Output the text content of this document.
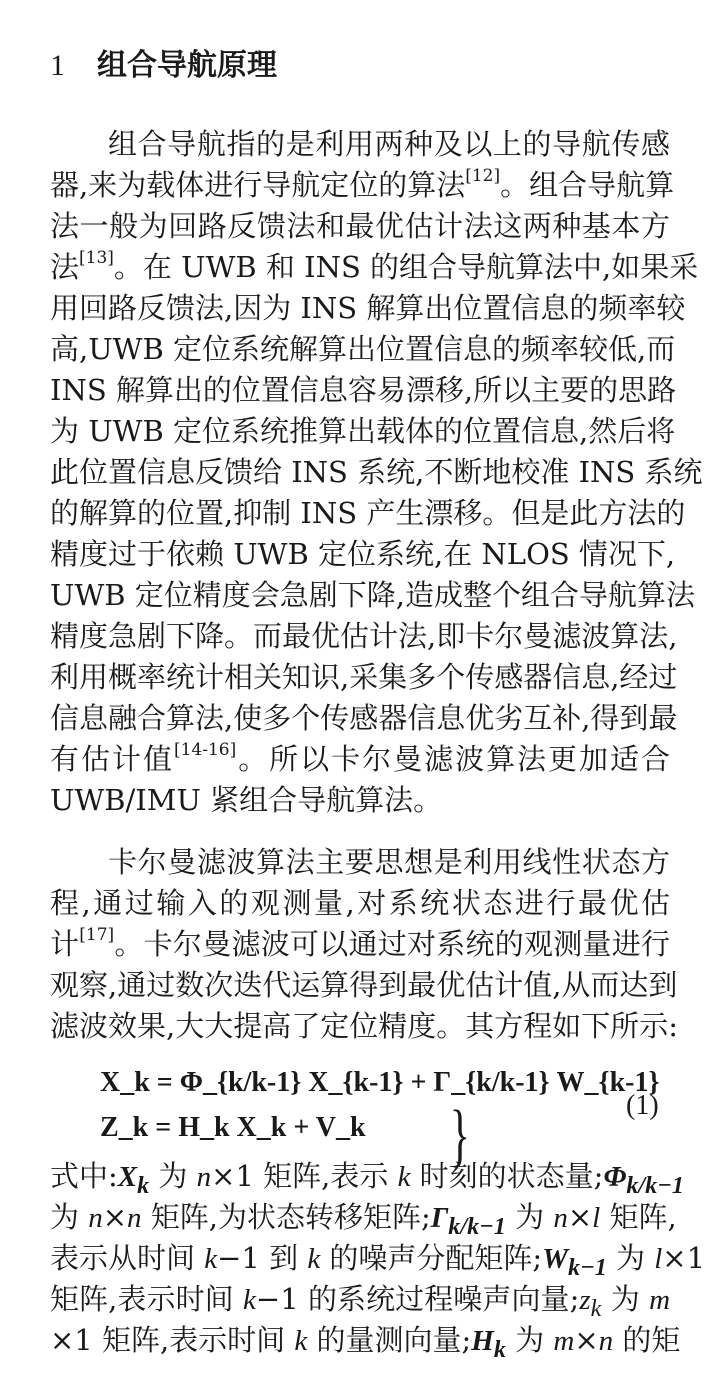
1 组合导航原理
组合导航指的是利用两种及以上的导航传感
器,来为载体进行导航定位的算法[12]。组合导航算
法一般为回路反馈法和最优估计法这两种基本方
法[13]。在 UWB 和 INS 的组合导航算法中,如果采
用回路反馈法,因为 INS 解算出位置信息的频率较
高,UWB 定位系统解算出位置信息的频率较低,而
INS 解算出的位置信息容易漂移,所以主要的思路
为 UWB 定位系统推算出载体的位置信息,然后将
此位置信息反馈给 INS 系统,不断地校准 INS 系统
的解算的位置,抑制 INS 产生漂移。但是此方法的
精度过于依赖 UWB 定位系统,在 NLOS 情况下,
UWB 定位精度会急剧下降,造成整个组合导航算法
精度急剧下降。而最优估计法,即卡尔曼滤波算法,
利用概率统计相关知识,采集多个传感器信息,经过
信息融合算法,使多个传感器信息优劣互补,得到最
有估计值[14-16]。所以卡尔曼滤波算法更加适合
UWB/IMU 紧组合导航算法。
卡尔曼滤波算法主要思想是利用线性状态方
程,通过输入的观测量,对系统状态进行最优估
计[17]。卡尔曼滤波可以通过对系统的观测量进行
观察,通过数次迭代运算得到最优估计值,从而达到
滤波效果,大大提高了定位精度。其方程如下所示:
X_k = Φ_{k/k-1} X_{k-1} + Γ_{k/k-1} W_{k-1}
Z_k = H_k X_k + V_k }	(1)
式中$:X_k$ 为 n×1 矩阵,表示 k 时刻的状态量$;\Phi_{k/k-1}$
为 n×n 矩阵,为状态转移矩阵$;\Gamma_{k/k-1}$ 为 n×l 矩阵,
表示从时间 k−1 到 k 的噪声分配矩阵$;W_{k-1}$ 为 l×1
矩阵,表示时间 k−1 的系统过程噪声向量$;z_k$ 为 m
×1 矩阵,表示时间 k 的量测向量$;H_k$ 为 m×n 的矩
